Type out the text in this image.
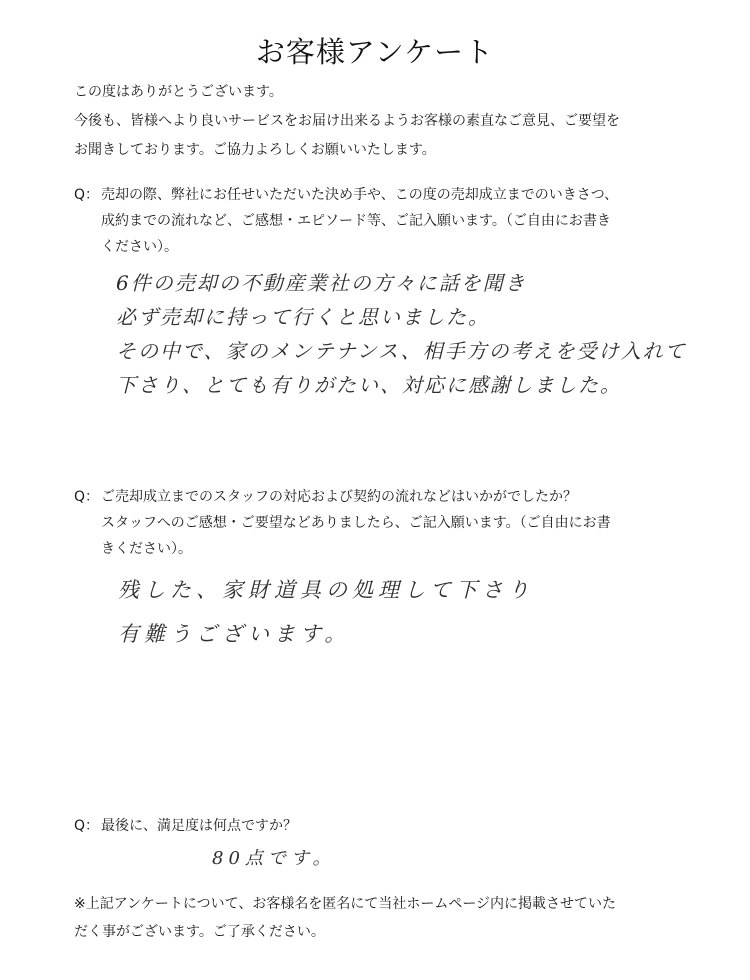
お客様アンケート
この度はありがとうございます。
今後も、皆様へより良いサービスをお届け出来るようお客様の素直なご意見、ご要望を
お聞きしております。ご協力よろしくお願いいたします。
Q： 売却の際、弊社にお任せいただいた決め手や、この度の売却成立までのいきさつ、
成約までの流れなど、ご感想・エピソード等、ご記入願います。（ご自由にお書き
ください）。
6件の売却の不動産業社の方々に話を聞き
必ず売却に持って行くと思いました。
その中で、家のメンテナンス、相手方の考えを受け入れて
下さり、とても有りがたい、対応に感謝しました。
Q： ご売却成立までのスタッフの対応および契約の流れなどはいかがでしたか？
スタッフへのご感想・ご要望などありましたら、ご記入願います。（ご自由にお書
きください）。
残した、家財道具の処理して下さり
有難うございます。
Q： 最後に、満足度は何点ですか？
80点です。
※上記アンケートについて、お客様名を匿名にて当社ホームページ内に掲載させていた
だく事がございます。ご了承ください。
